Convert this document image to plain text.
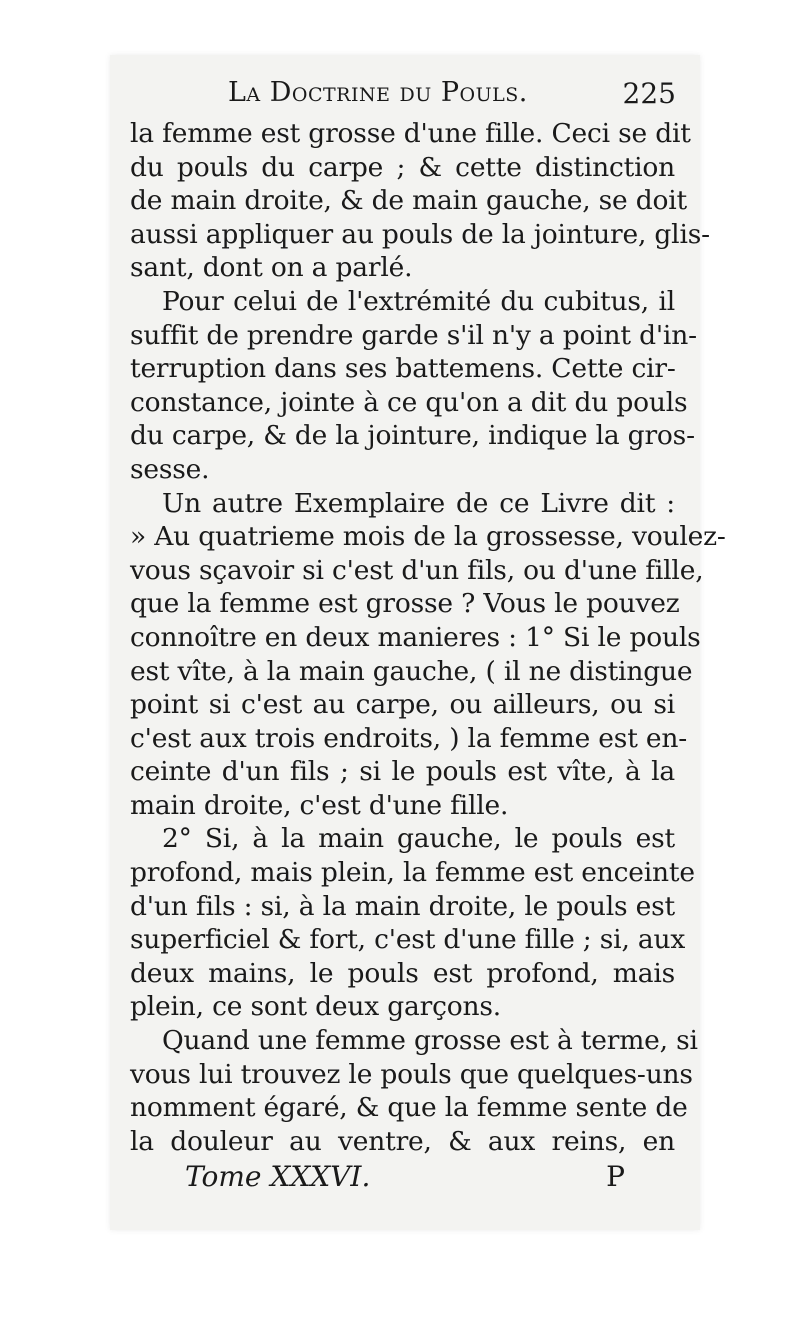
La Doctrine du Pouls.	225
la femme est grosse d'une fille. Ceci se dit
du pouls du carpe ; & cette distinction
de main droite, & de main gauche, se doit
aussi appliquer au pouls de la jointure, glis-
sant, dont on a parlé.
Pour celui de l'extrémité du cubitus, il
suffit de prendre garde s'il n'y a point d'in-
terruption dans ses battemens. Cette cir-
constance, jointe à ce qu'on a dit du pouls
du carpe, & de la jointure, indique la gros-
sesse.
Un autre Exemplaire de ce Livre dit :
» Au quatrieme mois de la grossesse, voulez-
vous sçavoir si c'est d'un fils, ou d'une fille,
que la femme est grosse ? Vous le pouvez
connoître en deux manieres : 1° Si le pouls
est vîte, à la main gauche, ( il ne distingue
point si c'est au carpe, ou ailleurs, ou si
c'est aux trois endroits, ) la femme est en-
ceinte d'un fils ; si le pouls est vîte, à la
main droite, c'est d'une fille.
2° Si, à la main gauche, le pouls est
profond, mais plein, la femme est enceinte
d'un fils : si, à la main droite, le pouls est
superficiel & fort, c'est d'une fille ; si, aux
deux mains, le pouls est profond, mais
plein, ce sont deux garçons.
Quand une femme grosse est à terme, si
vous lui trouvez le pouls que quelques-uns
nomment égaré, & que la femme sente de
la douleur au ventre, & aux reins, en
Tome XXXVI.	P
